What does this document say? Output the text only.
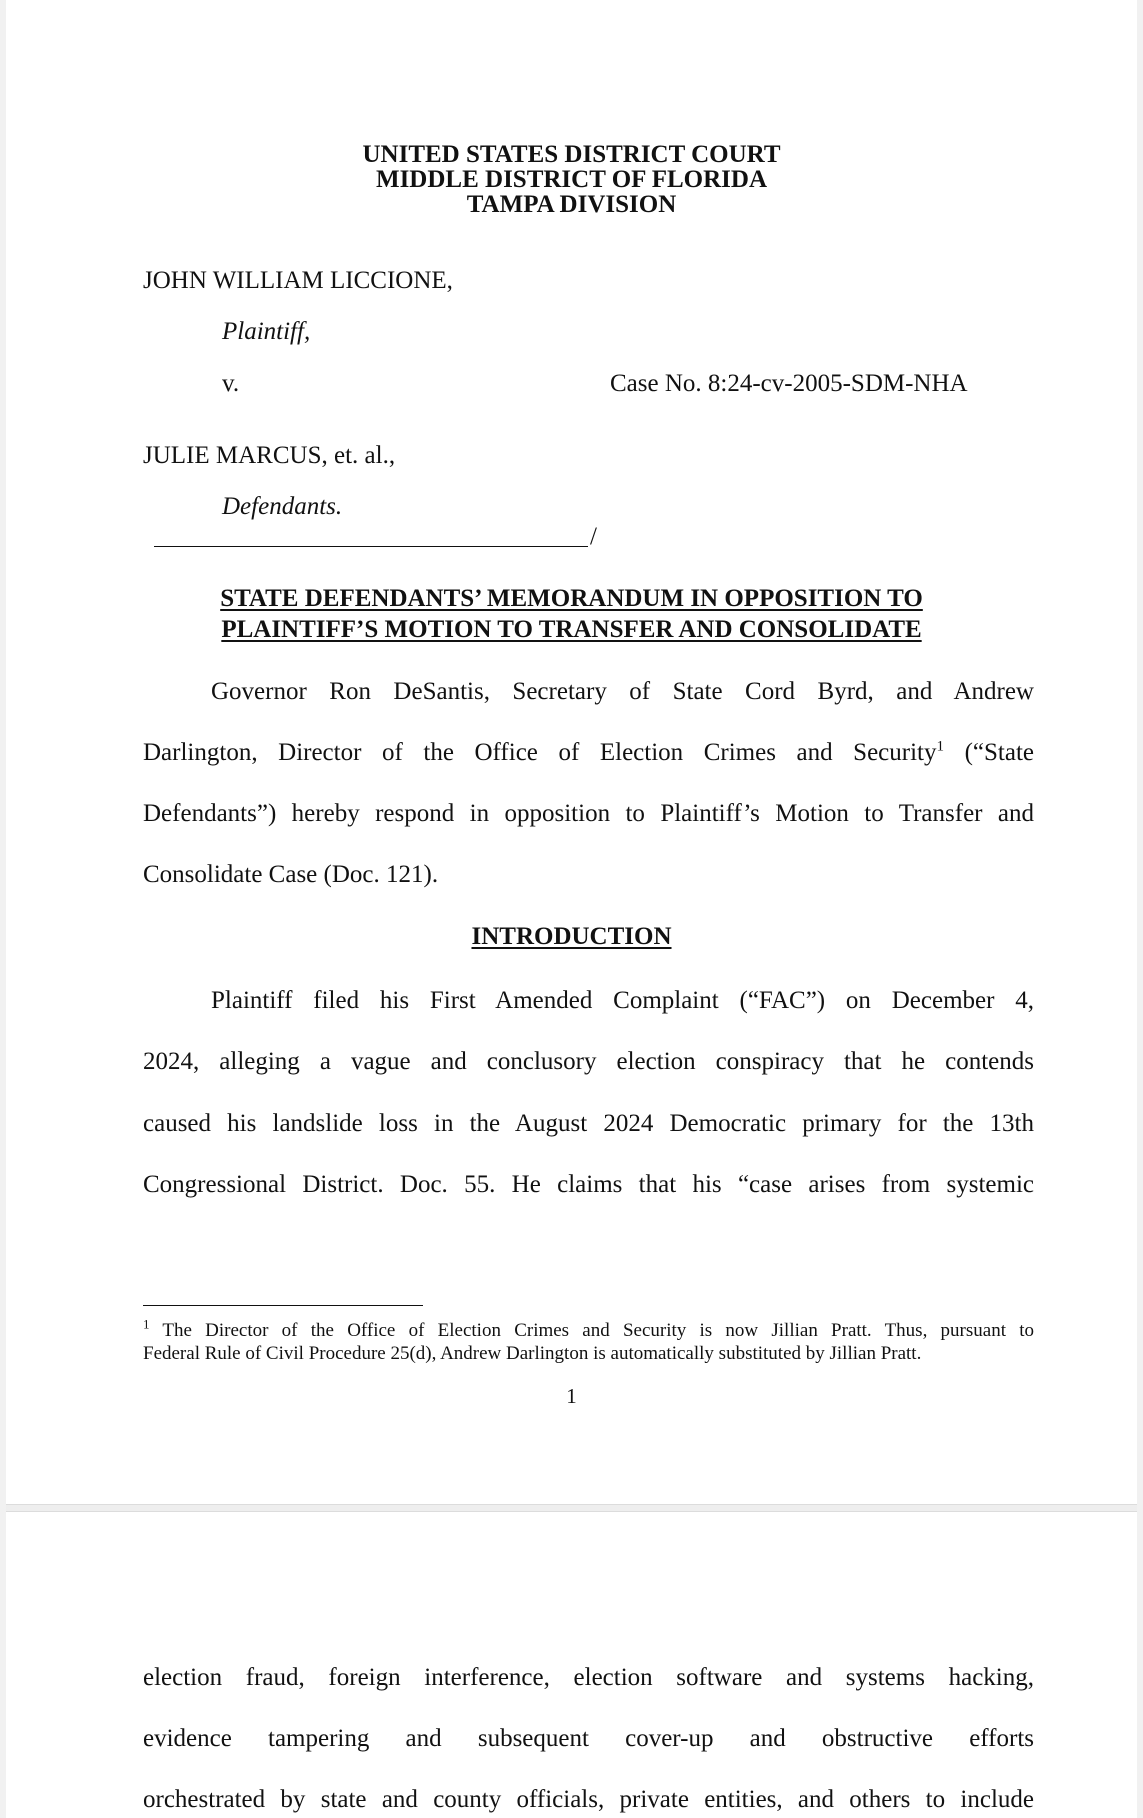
UNITED STATES DISTRICT COURT
MIDDLE DISTRICT OF FLORIDA
TAMPA DIVISION
JOHN WILLIAM LICCIONE,
Plaintiff,
v.	Case No. 8:24-cv-2005-SDM-NHA
JULIE MARCUS, et. al.,
Defendants.
/
STATE DEFENDANTS’ MEMORANDUM IN OPPOSITION TO
PLAINTIFF’S MOTION TO TRANSFER AND CONSOLIDATE
Governor Ron DeSantis, Secretary of State Cord Byrd, and Andrew
Darlington, Director of the Office of Election Crimes and Security$^1$ (“State
Defendants”) hereby respond in opposition to Plaintiff’s Motion to Transfer and
Consolidate Case (Doc. 121).
INTRODUCTION
Plaintiff filed his First Amended Complaint (“FAC”) on December 4,
2024, alleging a vague and conclusory election conspiracy that he contends
caused his landslide loss in the August 2024 Democratic primary for the 13th
Congressional District. Doc. 55. He claims that his “case arises from systemic
$^1$ The Director of the Office of Election Crimes and Security is now Jillian Pratt. Thus, pursuant to
Federal Rule of Civil Procedure 25(d), Andrew Darlington is automatically substituted by Jillian Pratt.
1
election fraud, foreign interference, election software and systems hacking,
evidence tampering and subsequent cover-up and obstructive efforts
orchestrated by state and county officials, private entities, and others to include
